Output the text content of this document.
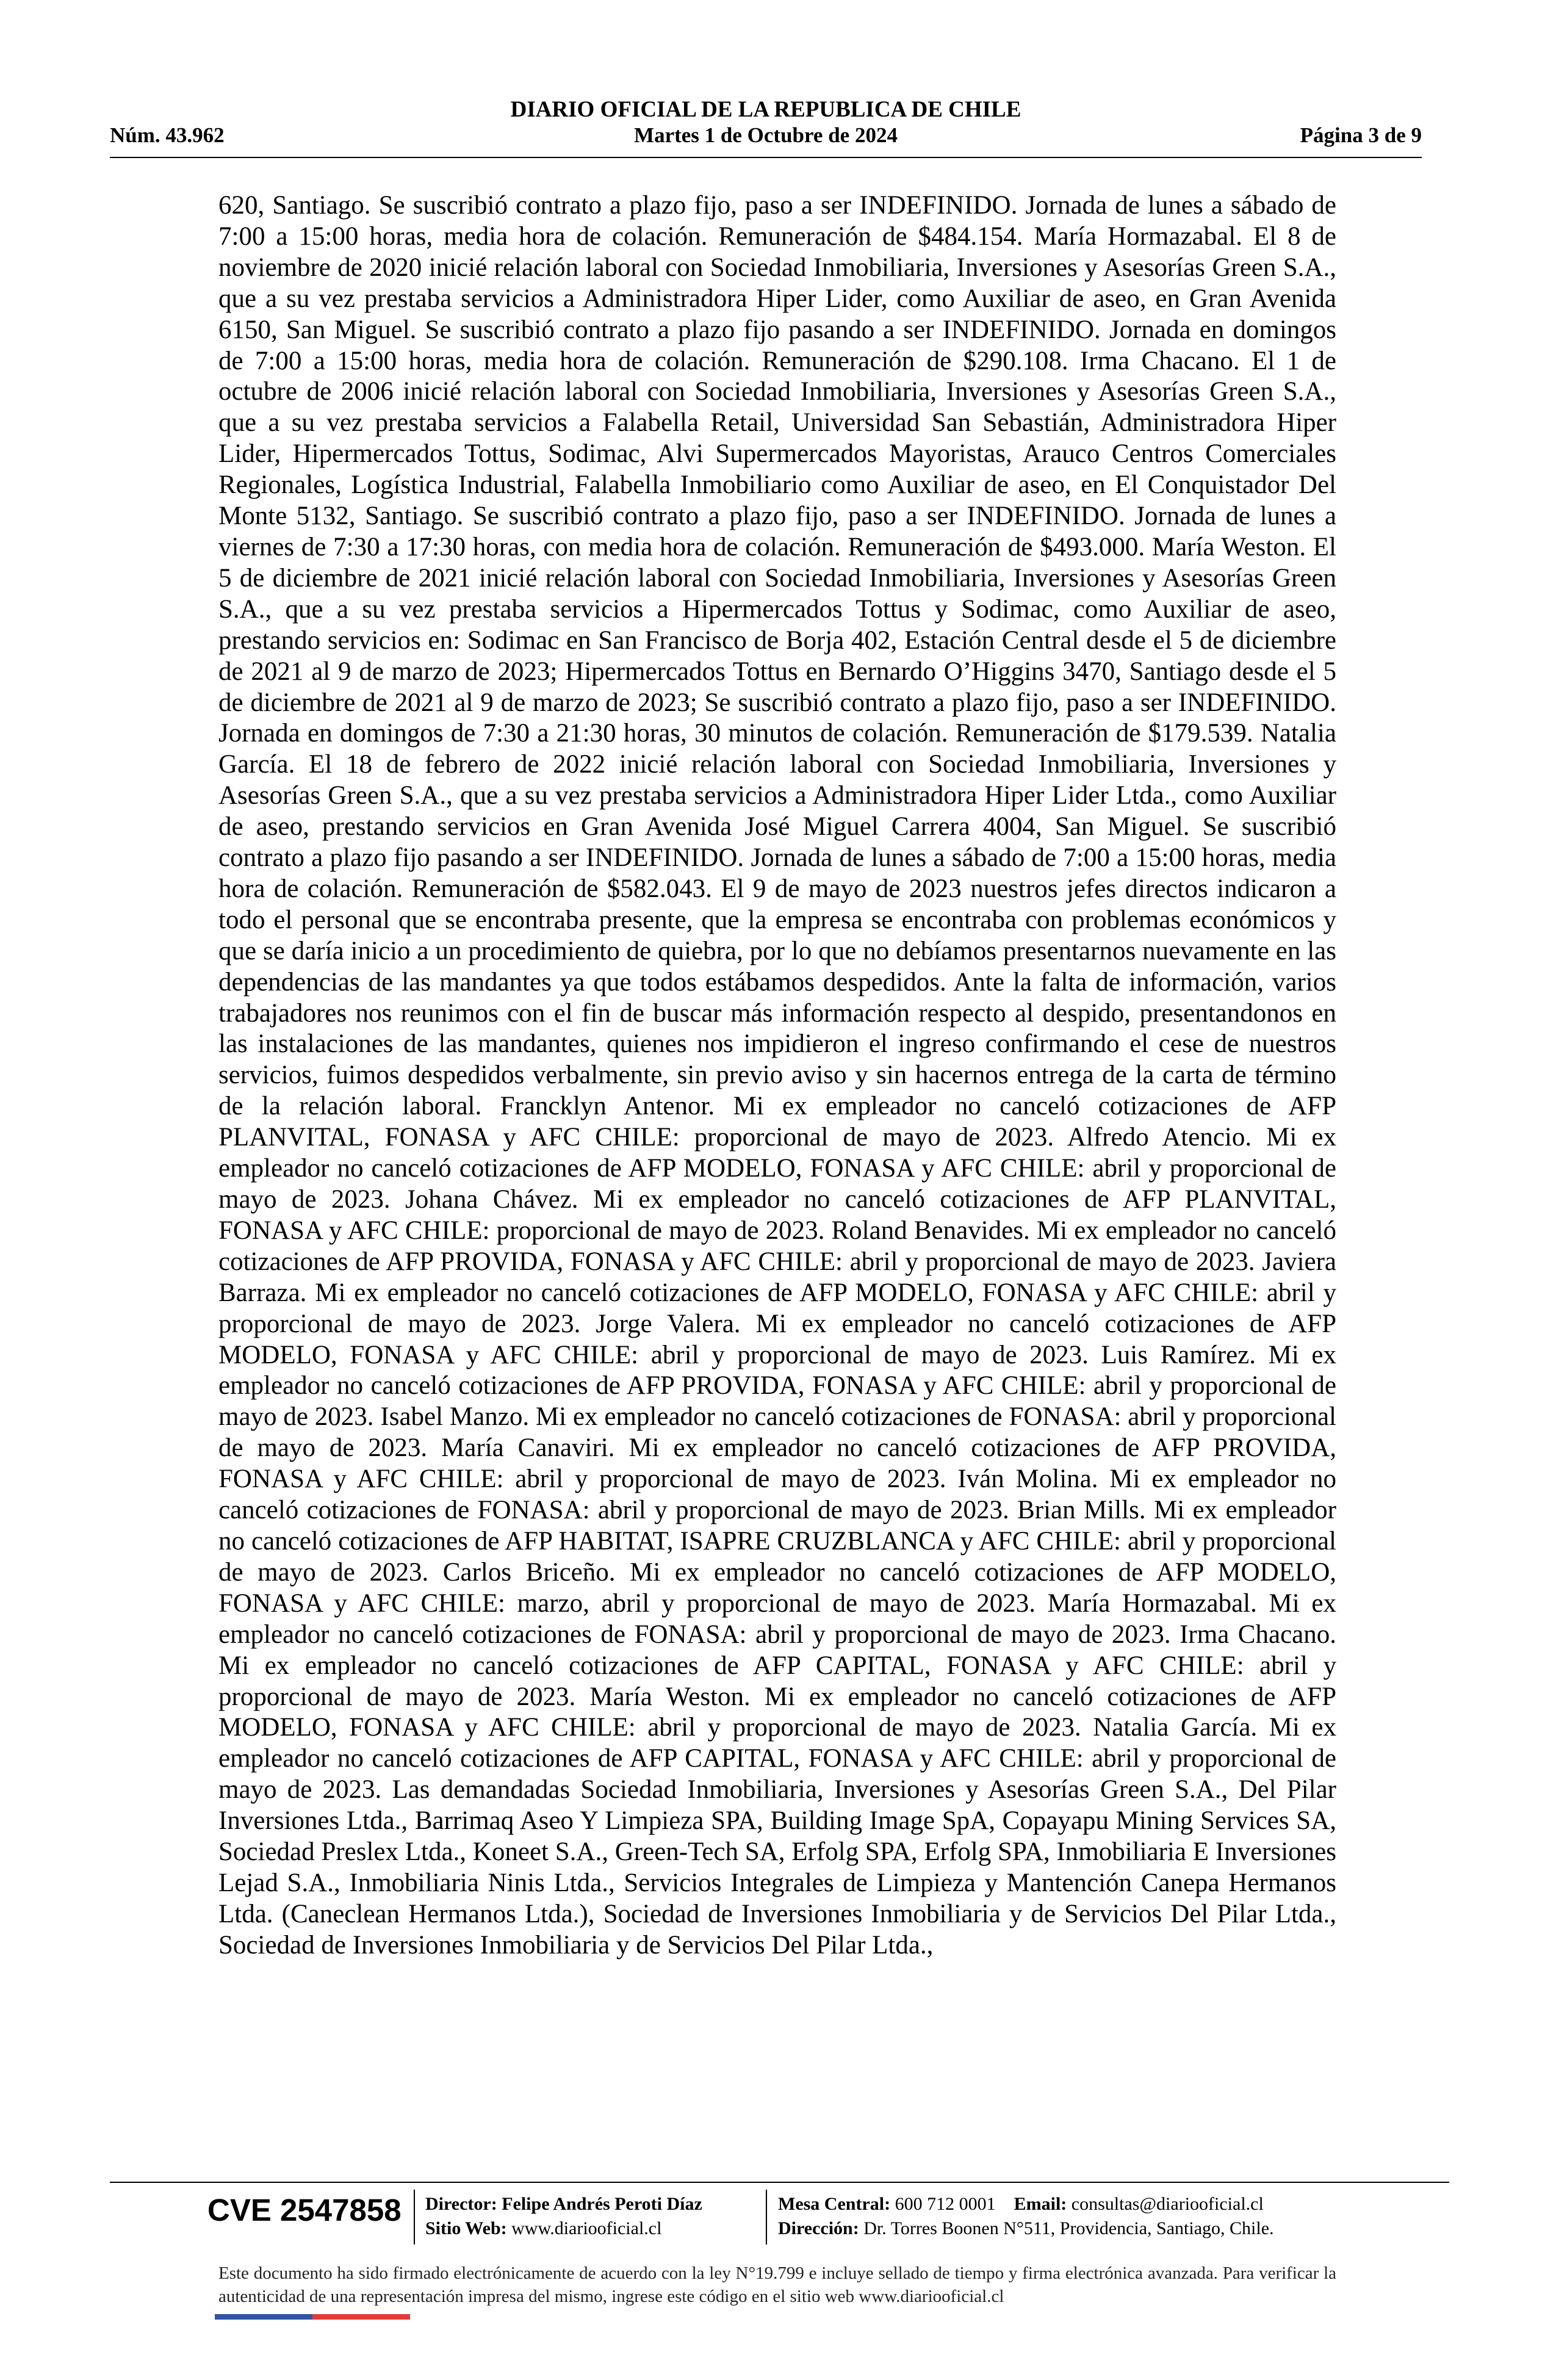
DIARIO OFICIAL DE LA REPUBLICA DE CHILE
Núm. 43.962	Martes 1 de Octubre de 2024	Página 3 de 9
620, Santiago. Se suscribió contrato a plazo fijo, paso a ser INDEFINIDO. Jornada de lunes a sábado de 7:00 a 15:00 horas, media hora de colación. Remuneración de $484.154. María Hormazabal. El 8 de noviembre de 2020 inicié relación laboral con Sociedad Inmobiliaria, Inversiones y Asesorías Green S.A., que a su vez prestaba servicios a Administradora Hiper Lider, como Auxiliar de aseo, en Gran Avenida 6150, San Miguel. Se suscribió contrato a plazo fijo pasando a ser INDEFINIDO. Jornada en domingos de 7:00 a 15:00 horas, media hora de colación. Remuneración de $290.108. Irma Chacano. El 1 de octubre de 2006 inicié relación laboral con Sociedad Inmobiliaria, Inversiones y Asesorías Green S.A., que a su vez prestaba servicios a Falabella Retail, Universidad San Sebastián, Administradora Hiper Lider, Hipermercados Tottus, Sodimac, Alvi Supermercados Mayoristas, Arauco Centros Comerciales Regionales, Logística Industrial, Falabella Inmobiliario como Auxiliar de aseo, en El Conquistador Del Monte 5132, Santiago. Se suscribió contrato a plazo fijo, paso a ser INDEFINIDO. Jornada de lunes a viernes de 7:30 a 17:30 horas, con media hora de colación. Remuneración de $493.000. María Weston. El 5 de diciembre de 2021 inicié relación laboral con Sociedad Inmobiliaria, Inversiones y Asesorías Green S.A., que a su vez prestaba servicios a Hipermercados Tottus y Sodimac, como Auxiliar de aseo, prestando servicios en: Sodimac en San Francisco de Borja 402, Estación Central desde el 5 de diciembre de 2021 al 9 de marzo de 2023; Hipermercados Tottus en Bernardo O’Higgins 3470, Santiago desde el 5 de diciembre de 2021 al 9 de marzo de 2023; Se suscribió contrato a plazo fijo, paso a ser INDEFINIDO. Jornada en domingos de 7:30 a 21:30 horas, 30 minutos de colación. Remuneración de $179.539. Natalia García. El 18 de febrero de 2022 inicié relación laboral con Sociedad Inmobiliaria, Inversiones y Asesorías Green S.A., que a su vez prestaba servicios a Administradora Hiper Lider Ltda., como Auxiliar de aseo, prestando servicios en Gran Avenida José Miguel Carrera 4004, San Miguel. Se suscribió contrato a plazo fijo pasando a ser INDEFINIDO. Jornada de lunes a sábado de 7:00 a 15:00 horas, media hora de colación. Remuneración de $582.043. El 9 de mayo de 2023 nuestros jefes directos indicaron a todo el personal que se encontraba presente, que la empresa se encontraba con problemas económicos y que se daría inicio a un procedimiento de quiebra, por lo que no debíamos presentarnos nuevamente en las dependencias de las mandantes ya que todos estábamos despedidos. Ante la falta de información, varios trabajadores nos reunimos con el fin de buscar más información respecto al despido, presentandonos en las instalaciones de las mandantes, quienes nos impidieron el ingreso confirmando el cese de nuestros servicios, fuimos despedidos verbalmente, sin previo aviso y sin hacernos entrega de la carta de término de la relación laboral. Francklyn Antenor. Mi ex empleador no canceló cotizaciones de AFP PLANVITAL, FONASA y AFC CHILE: proporcional de mayo de 2023. Alfredo Atencio. Mi ex empleador no canceló cotizaciones de AFP MODELO, FONASA y AFC CHILE: abril y proporcional de mayo de 2023. Johana Chávez. Mi ex empleador no canceló cotizaciones de AFP PLANVITAL, FONASA y AFC CHILE: proporcional de mayo de 2023. Roland Benavides. Mi ex empleador no canceló cotizaciones de AFP PROVIDA, FONASA y AFC CHILE: abril y proporcional de mayo de 2023. Javiera Barraza. Mi ex empleador no canceló cotizaciones de AFP MODELO, FONASA y AFC CHILE: abril y proporcional de mayo de 2023. Jorge Valera. Mi ex empleador no canceló cotizaciones de AFP MODELO, FONASA y AFC CHILE: abril y proporcional de mayo de 2023. Luis Ramírez. Mi ex empleador no canceló cotizaciones de AFP PROVIDA, FONASA y AFC CHILE: abril y proporcional de mayo de 2023. Isabel Manzo. Mi ex empleador no canceló cotizaciones de FONASA: abril y proporcional de mayo de 2023. María Canaviri. Mi ex empleador no canceló cotizaciones de AFP PROVIDA, FONASA y AFC CHILE: abril y proporcional de mayo de 2023. Iván Molina. Mi ex empleador no canceló cotizaciones de FONASA: abril y proporcional de mayo de 2023. Brian Mills. Mi ex empleador no canceló cotizaciones de AFP HABITAT, ISAPRE CRUZBLANCA y AFC CHILE: abril y proporcional de mayo de 2023. Carlos Briceño. Mi ex empleador no canceló cotizaciones de AFP MODELO, FONASA y AFC CHILE: marzo, abril y proporcional de mayo de 2023. María Hormazabal. Mi ex empleador no canceló cotizaciones de FONASA: abril y proporcional de mayo de 2023. Irma Chacano. Mi ex empleador no canceló cotizaciones de AFP CAPITAL, FONASA y AFC CHILE: abril y proporcional de mayo de 2023. María Weston. Mi ex empleador no canceló cotizaciones de AFP MODELO, FONASA y AFC CHILE: abril y proporcional de mayo de 2023. Natalia García. Mi ex empleador no canceló cotizaciones de AFP CAPITAL, FONASA y AFC CHILE: abril y proporcional de mayo de 2023. Las demandadas Sociedad Inmobiliaria, Inversiones y Asesorías Green S.A., Del Pilar Inversiones Ltda., Barrimaq Aseo Y Limpieza SPA, Building Image SpA, Copayapu Mining Services SA, Sociedad Preslex Ltda., Koneet S.A., Green-Tech SA, Erfolg SPA, Erfolg SPA, Inmobiliaria E Inversiones Lejad S.A., Inmobiliaria Ninis Ltda., Servicios Integrales de Limpieza y Mantención Canepa Hermanos Ltda. (Caneclean Hermanos Ltda.), Sociedad de Inversiones Inmobiliaria y de Servicios Del Pilar Ltda., Sociedad de Inversiones Inmobiliaria y de Servicios Del Pilar Ltda.,
CVE 2547858 Director: Felipe Andrés Peroti Díaz
Sitio Web: www.diariooficial.cl
Mesa Central: 600 712 0001 Email: consultas@diariooficial.cl
Dirección: Dr. Torres Boonen N°511, Providencia, Santiago, Chile.
Este documento ha sido firmado electrónicamente de acuerdo con la ley N°19.799 e incluye sellado de tiempo y firma electrónica avanzada. Para verificar la autenticidad de una representación impresa del mismo, ingrese este código en el sitio web www.diariooficial.cl
